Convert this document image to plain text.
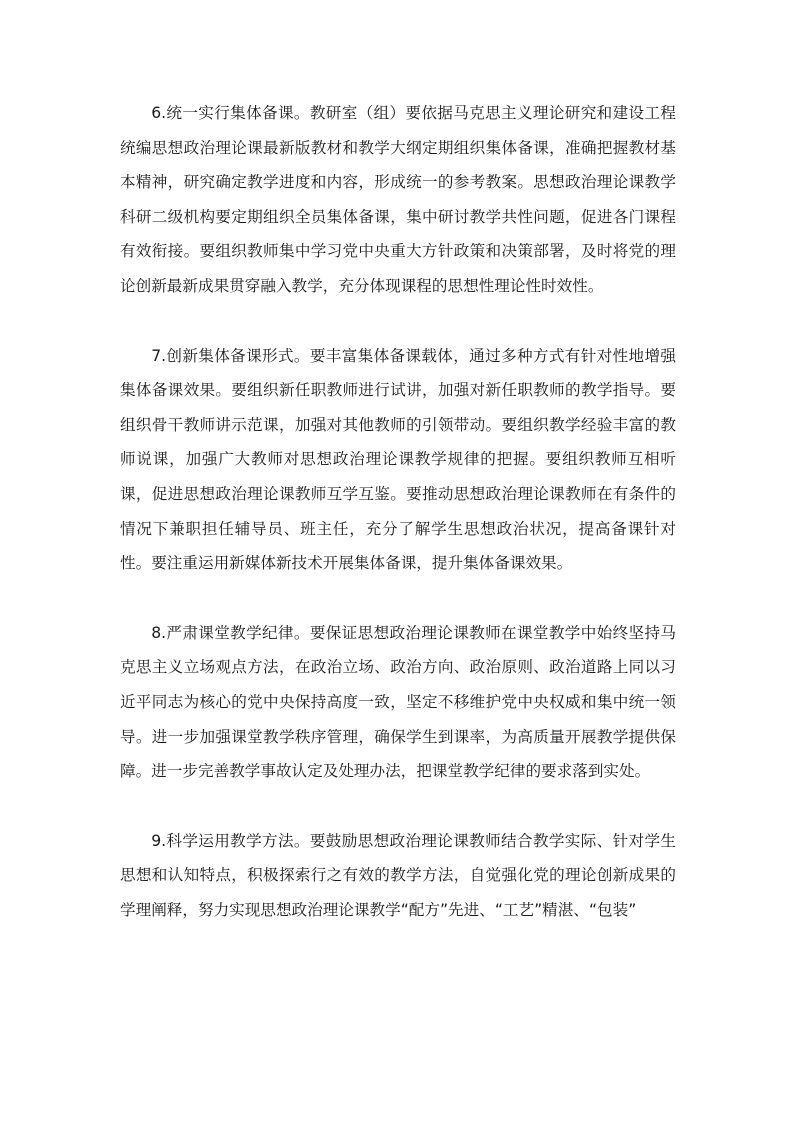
6.统一实行集体备课。教研室（组）要依据马克思主义理论研究和建设工程统编思想政治理论课最新版教材和教学大纲定期组织集体备课，准确把握教材基本精神，研究确定教学进度和内容，形成统一的参考教案。思想政治理论课教学科研二级机构要定期组织全员集体备课，集中研讨教学共性问题，促进各门课程有效衔接。要组织教师集中学习党中央重大方针政策和决策部署，及时将党的理论创新最新成果贯穿融入教学，充分体现课程的思想性理论性时效性。

7.创新集体备课形式。要丰富集体备课载体，通过多种方式有针对性地增强集体备课效果。要组织新任职教师进行试讲，加强对新任职教师的教学指导。要组织骨干教师讲示范课，加强对其他教师的引领带动。要组织教学经验丰富的教师说课，加强广大教师对思想政治理论课教学规律的把握。要组织教师互相听课，促进思想政治理论课教师互学互鉴。要推动思想政治理论课教师在有条件的情况下兼职担任辅导员、班主任，充分了解学生思想政治状况，提高备课针对性。要注重运用新媒体新技术开展集体备课，提升集体备课效果。

8.严肃课堂教学纪律。要保证思想政治理论课教师在课堂教学中始终坚持马克思主义立场观点方法，在政治立场、政治方向、政治原则、政治道路上同以习近平同志为核心的党中央保持高度一致，坚定不移维护党中央权威和集中统一领导。进一步加强课堂教学秩序管理，确保学生到课率，为高质量开展教学提供保障。进一步完善教学事故认定及处理办法，把课堂教学纪律的要求落到实处。

9.科学运用教学方法。要鼓励思想政治理论课教师结合教学实际、针对学生思想和认知特点，积极探索行之有效的教学方法，自觉强化党的理论创新成果的学理阐释，努力实现思想政治理论课教学“配方”先进、“工艺”精湛、“包装”
